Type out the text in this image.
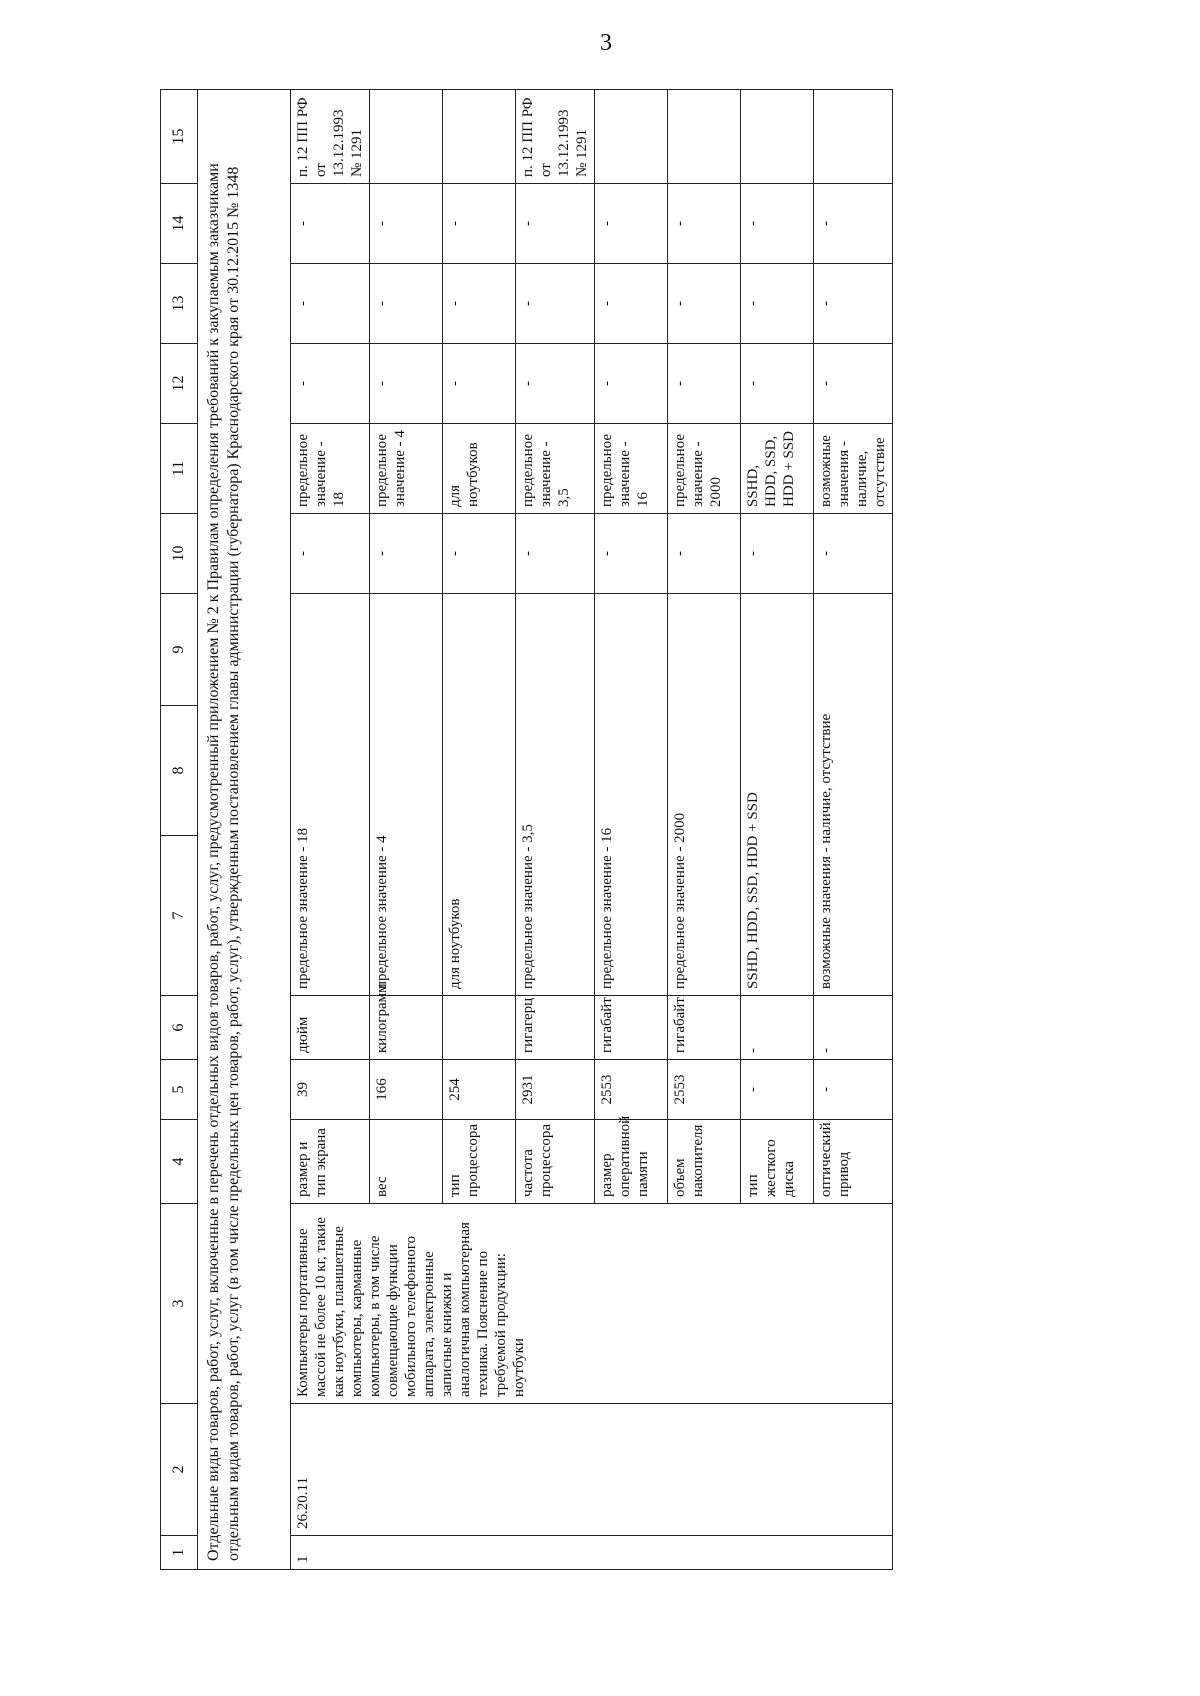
3
1	2	3	4	5	6	7	8	9	10	11	12	13	14	15
Отдельные виды товаров, работ, услуг, включенные в перечень отдельных видов товаров, работ, услуг, предусмотренный приложением № 2 к Правилам определения требований к закупаемым заказчиками отдельным видам товаров, работ, услуг (в том числе предельных цен товаров, работ, услуг), утвержденным постановлением главы администрации (губернатора) Краснодарского края от 30.12.2015 № 1348														
1	26.20.11	Компьютеры портативные массой не более 10 кг, такие как ноутбуки, планшетные компьютеры, карманные компьютеры, в том числе совмещающие функции мобильного телефонного аппарата, электронные записные книжки и аналогичная компьютерная техника. Пояснение по требуемой продукции: ноутбуки	размер и тип экрана	39	дюйм	предельное значение - 18			-	предельное значение - 18	-	-	-	п. 12 ПП РФ от 13.12.1993 № 1291
			вес	166	килограмм	предельное значение - 4			-	предельное значение - 4	-	-	-	
			тип процессора	254		для ноутбуков			-	для ноутбуков	-	-	-	
			частота процессора	2931	гигагерц	предельное значение - 3,5			-	предельное значение - 3,5	-	-	-	п. 12 ПП РФ от 13.12.1993 № 1291
			размер оперативной памяти	2553	гигабайт	предельное значение - 16			-	предельное значение - 16	-	-	-	
			объем накопителя	2553	гигабайт	предельное значение - 2000			-	предельное значение - 2000	-	-	-	
			тип жесткого диска	-	-	SSHD, HDD, SSD, HDD + SSD			-	SSHD, HDD, SSD, HDD + SSD	-	-	-	
			оптический привод	-	-	возможные значения - наличие, отсутствие			-	возможные значения - наличие, отсутствие	-	-	-	
